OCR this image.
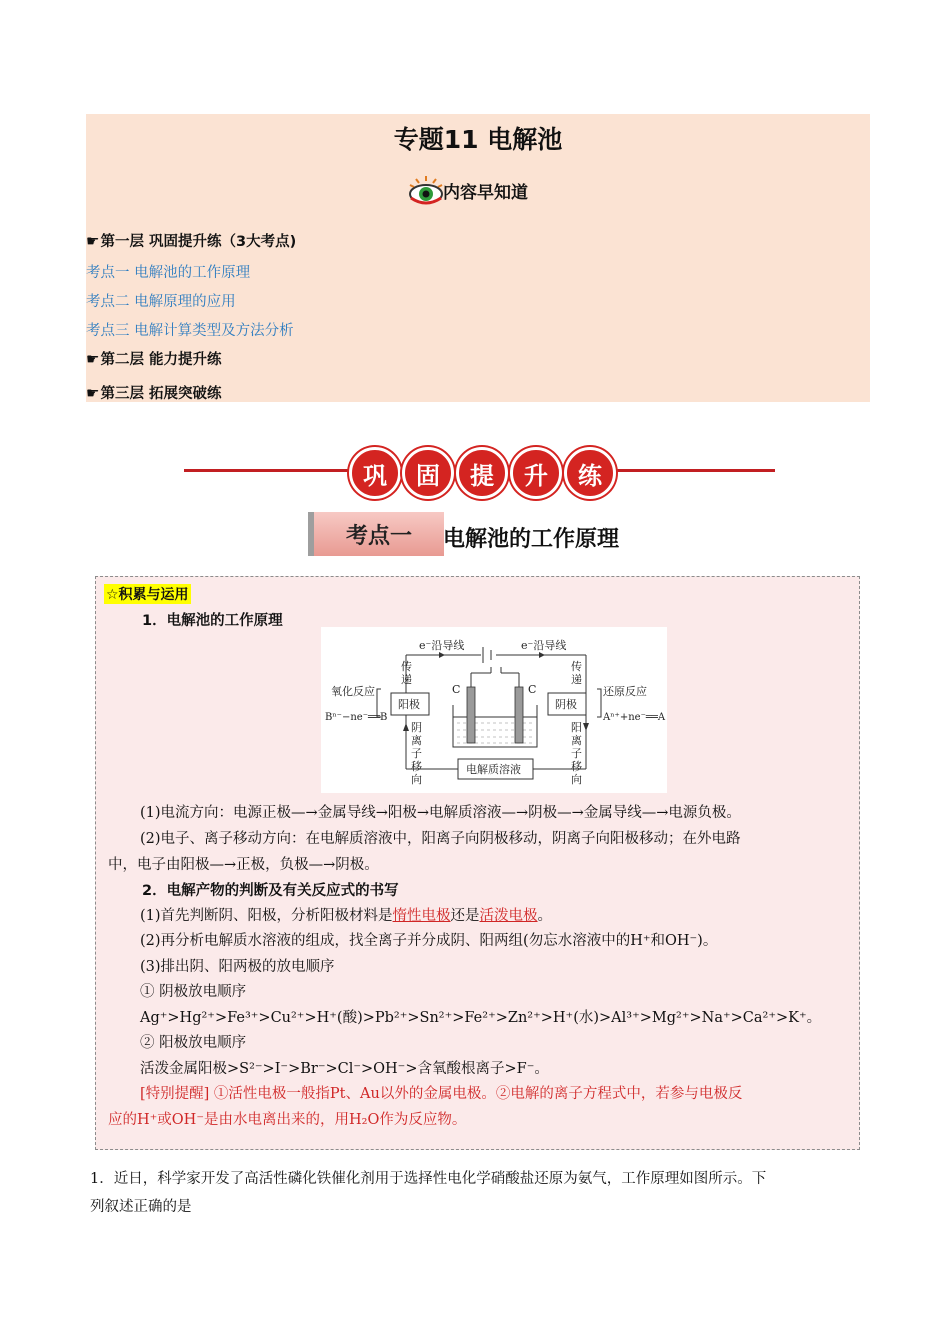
专题11 电解池
内容早知道
☛第一层 巩固提升练（3大考点)
考点一 电解池的工作原理
考点二 电解原理的应用
考点三 电解计算类型及方法分析
☛第二层 能力提升练
☛第三层 拓展突破练
巩	固	提	升	练
考点一	电解池的工作原理
☆积累与运用
1．电解池的工作原理
e⁻沿导线	e⁻沿导线
传
递
传
递
氧化反应	还原反应
Bⁿ⁻−ne⁻══B	Aⁿ⁺+ne⁻══A
阳极	阴极
C	C
阴
离
子
移
向
阳
离
子
移
向
电解质溶液
(1)电流方向：电源正极—→金属导线→阳极→电解质溶液—→阴极—→金属导线—→电源负极。
(2)电子、离子移动方向：在电解质溶液中，阳离子向阴极移动，阴离子向阳极移动；在外电路
中，电子由阳极—→正极，负极—→阴极。
2．电解产物的判断及有关反应式的书写
(1)首先判断阴、阳极，分析阳极材料是惰性电极还是活泼电极。
(2)再分析电解质水溶液的组成，找全离子并分成阴、阳两组(勿忘水溶液中的H⁺和OH⁻)。
(3)排出阴、阳两极的放电顺序
① 阴极放电顺序
Ag⁺>Hg²⁺>Fe³⁺>Cu²⁺>H⁺(酸)>Pb²⁺>Sn²⁺>Fe²⁺>Zn²⁺>H⁺(水)>Al³⁺>Mg²⁺>Na⁺>Ca²⁺>K⁺。
② 阳极放电顺序
活泼金属阳极>S²⁻>I⁻>Br⁻>Cl⁻>OH⁻>含氧酸根离子>F⁻。
[特别提醒] ①活性电极一般指Pt、Au以外的金属电极。②电解的离子方程式中，若参与电极反
应的H⁺或OH⁻是由水电离出来的，用H₂O作为反应物。
1．近日，科学家开发了高活性磷化铁催化剂用于选择性电化学硝酸盐还原为氨气，工作原理如图所示。下
列叙述正确的是
